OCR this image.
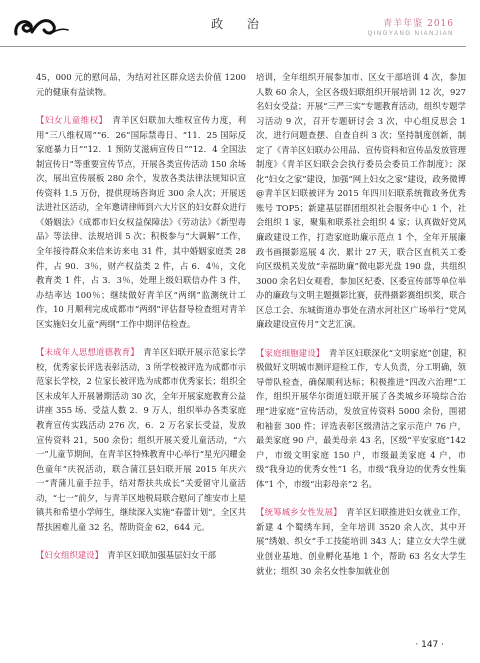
政 治	青羊年鉴 2016
QINGYANG NIANJIAN

45，000 元的慰问品，为结对社区群众送去价值 1200 元的健康有益读物。

【妇女儿童维权】　 青羊区妇联加大维权宣传力度，利用“三八维权周”“6．26”国际禁毒日、“11．25 国际反家庭暴力日”“12．1 预防艾滋病宣传日”“12．4 全国法制宣传日”等重要宣传节点，开展各类宣传活动 150 余场次，展出宣传展板 280 余个，发放各类法律法规知识宣传资料 1.5 万份，提供现场咨询近 300 余人次；开展送法进社区活动，全年邀请律师到六大片区的妇女群众进行《婚姻法》《成都市妇女权益保障法》《劳动法》《新型毒品》等法律、法规培训 5 次；积极参与“大调解”工作，全年接待群众来信来访来电 31 件，其中婚姻家庭类 28 件，占 90．3％，财产权益类 2 件，占 6．4％，文化教育类 1 件，占 3．3％，处理上级妇联信办件 3 件，办结率达 100％；继续做好青羊区“两纲”监测统计工作，10 月顺利完成成都市“两纲”评估督导检查组对青羊区实施妇女儿童“两纲”工作中期评估检查。

【未成年人思想道德教育】　 青羊区妇联开展示范家长学校，优秀家长评选表彰活动，3 所学校被评选为成都市示范家长学校，2 位家长被评选为成都市优秀家长；组织全区未成年人开展暑期活动 30 次，全年开展家庭教育公益讲座 355 场、受益人数 2．9 万人，组织举办各类家庭教育宣传实践活动 276 次，6．2 万名家长受益，发放宣传资料 21，500 余份；组织开展关爱儿童活动，“六一”儿童节期间，在青羊区特殊教育中心举行“星光闪耀金色童年”庆祝活动，联合蒲江县妇联开展 2015 年庆六一“青蒲儿童手拉手，结对帮扶共成长”关爱留守儿童活动，“七一”前夕，与青羊区地税局联合慰问了维安市上星镇共和希望小学师生，继续深入实施“春蕾计划”，全区共帮扶困难儿童 32 名，帮助资金 62，644 元。

【妇女组织建设】　 青羊区妇联加强基层妇女干部

培训，全年组织开展参加市、区女干部培训 4 次，参加人数 60 余人，全区各级妇联组织开展培训 12 次，927 名妇女受益；开展“三严三实”专题教育活动，组织专题学习活动 9 次，召开专题研讨会 3 次，中心组反思会 1 次，进行问题查摆、自查自纠 3 次；坚持制度创新，制定了《青羊区妇联办公用品、宣传资料和宣传品发放管理制度》《青羊区妇联会会执行委员会委员工作制度》；深化“妇女之家”建设，加强“网上妇女之家”建设，政务微博@青羊区妇联被评为 2015 年四川妇联系统微政务优秀账号 TOP5；新建基层群团组织社会服务中心 1 个，社会组织 1 家，聚集和联系社会组织 4 家；认真做好党风廉政建设工作，打造家庭助廉示范点 1 个，全年开展廉政书画摄影巡展 4 次、累计 27 天，联合区直机关工委向区级机关发放“幸福助廉”微电影光盘 190 盘，共组织 3000 余名妇女观看，参加区纪委、区委宣传部等单位举办的廉政与文明主题摄影比赛，获得摄影赛组织奖，联合区总工会、东城街道办事处在清水河社区广场举行“党风廉政建设宣传月”文艺汇演。

【家庭细胞建设】　 青羊区妇联深化“文明家庭”创建，积极做好文明城市测评迎检工作，专人负责，分工明确，领导带队检查，确保顺利达标；积极推进“四改六治理”工作，组织开展华尔街道妇联开展了各类城乡环境综合治理“进家庭”宣传活动，发放宣传资料 5000 余份，围裙和袖套 300 件；评选表彰区级清洁之家示范户 76 户，最美家庭 90 户，最美母亲 43 名，区级“平安家庭”142 户，市级文明家庭 150 户，市级最美家庭 4 户，市级“我身边的优秀女性”1 名，市级“我身边的优秀女性集体”1 个，市级“出彩母亲”2 名。

【统筹城乡女性发展】　 青羊区妇联推进妇女就业工作，新建 4 个蜀绣车间，全年培训 3520 余人次，其中开展“绣娘、织女”手工技能培训 343 人；建立女大学生就业创业基地、创业孵化基地 1 个，帮助 63 名女大学生就业；组织 30 余名女性参加就业创

· 147 ·
